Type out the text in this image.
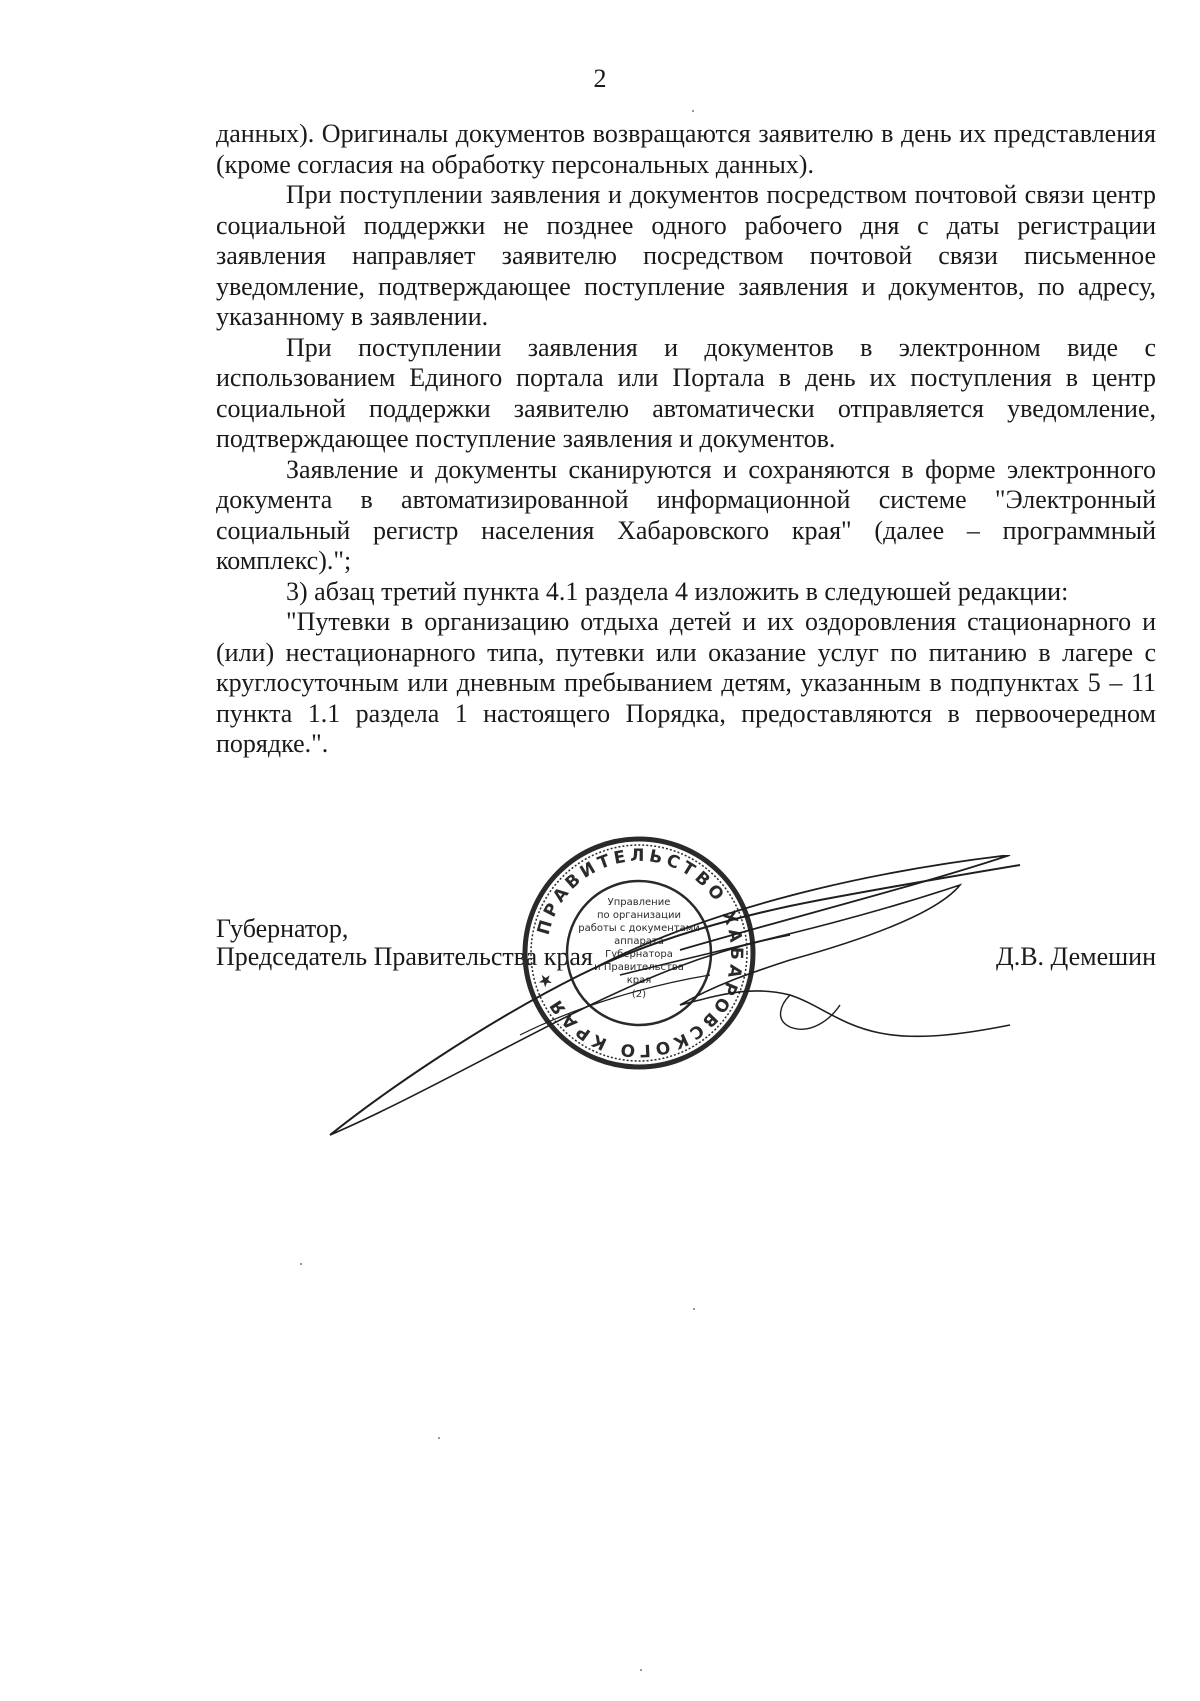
2

данных). Оригиналы документов возвращаются заявителю в день их представления (кроме согласия на обработку персональных данных).

При поступлении заявления и документов посредством почтовой связи центр социальной поддержки не позднее одного рабочего дня с даты регистрации заявления направляет заявителю посредством почтовой связи письменное уведомление, подтверждающее поступление заявления и документов, по адресу, указанному в заявлении.

При поступлении заявления и документов в электронном виде с использованием Единого портала или Портала в день их поступления в центр социальной поддержки заявителю автоматически отправляется уведомление, подтверждающее поступление заявления и документов.

Заявление и документы сканируются и сохраняются в форме электронного документа в автоматизированной информационной системе "Электронный социальный регистр населения Хабаровского края" (далее – программный комплекс).";

3) абзац третий пункта 4.1 раздела 4 изложить в следуюшей редакции:

"Путевки в организацию отдыха детей и их оздоровления стационарного и (или) нестационарного типа, путевки или оказание услуг по питанию в лагере с круглосуточным или дневным пребыванием детям, указанным в подпунктах 5 – 11 пункта 1.1 раздела 1 настоящего Порядка, предоставляются в первоочередном порядке.".

Губернатор,
Председатель Правительства края	Д.В. Демешин
ПРАВИТЕЛЬСТВО ХАБАРОВСКОГО КРАЯ ★
Управление
по организации
работы с документами
аппарата
Губернатора
и Правительства
края
(2)
